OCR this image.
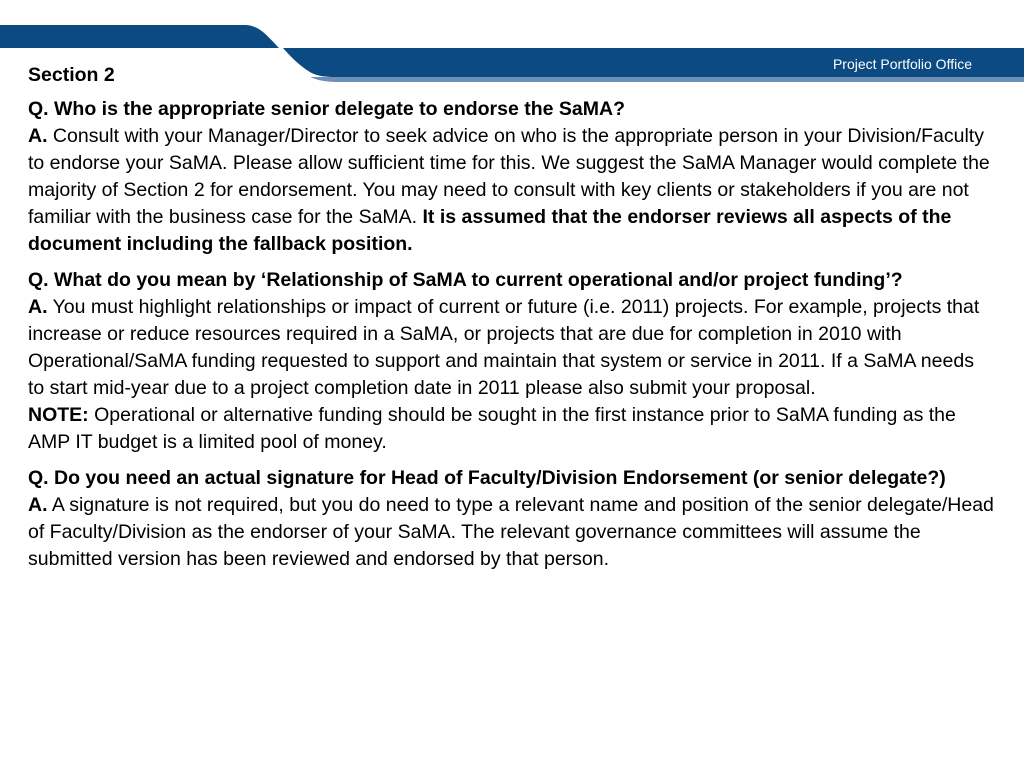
Project Portfolio Office
Section 2

Q. Who is the appropriate senior delegate to endorse the SaMA?

A. Consult with your Manager/Director to seek advice on who is the appropriate person in your Division/Faculty to endorse your SaMA. Please allow sufficient time for this. We suggest the SaMA Manager would complete the majority of Section 2 for endorsement. You may need to consult with key clients or stakeholders if you are not familiar with the business case for the SaMA. It is assumed that the endorser reviews all aspects of the document including the fallback position.

Q. What do you mean by ‘Relationship of SaMA to current operational and/or project funding’?

A. You must highlight relationships or impact of current or future (i.e. 2011) projects. For example, projects that increase or reduce resources required in a SaMA, or projects that are due for completion in 2010 with Operational/SaMA funding requested to support and maintain that system or service in 2011. If a SaMA needs to start mid-year due to a project completion date in 2011 please also submit your proposal.

NOTE: Operational or alternative funding should be sought in the first instance prior to SaMA funding as the AMP IT budget is a limited pool of money.

Q. Do you need an actual signature for Head of Faculty/Division Endorsement (or senior delegate?)

A. A signature is not required, but you do need to type a relevant name and position of the senior delegate/Head of Faculty/Division as the endorser of your SaMA. The relevant governance committees will assume the submitted version has been reviewed and endorsed by that person.
